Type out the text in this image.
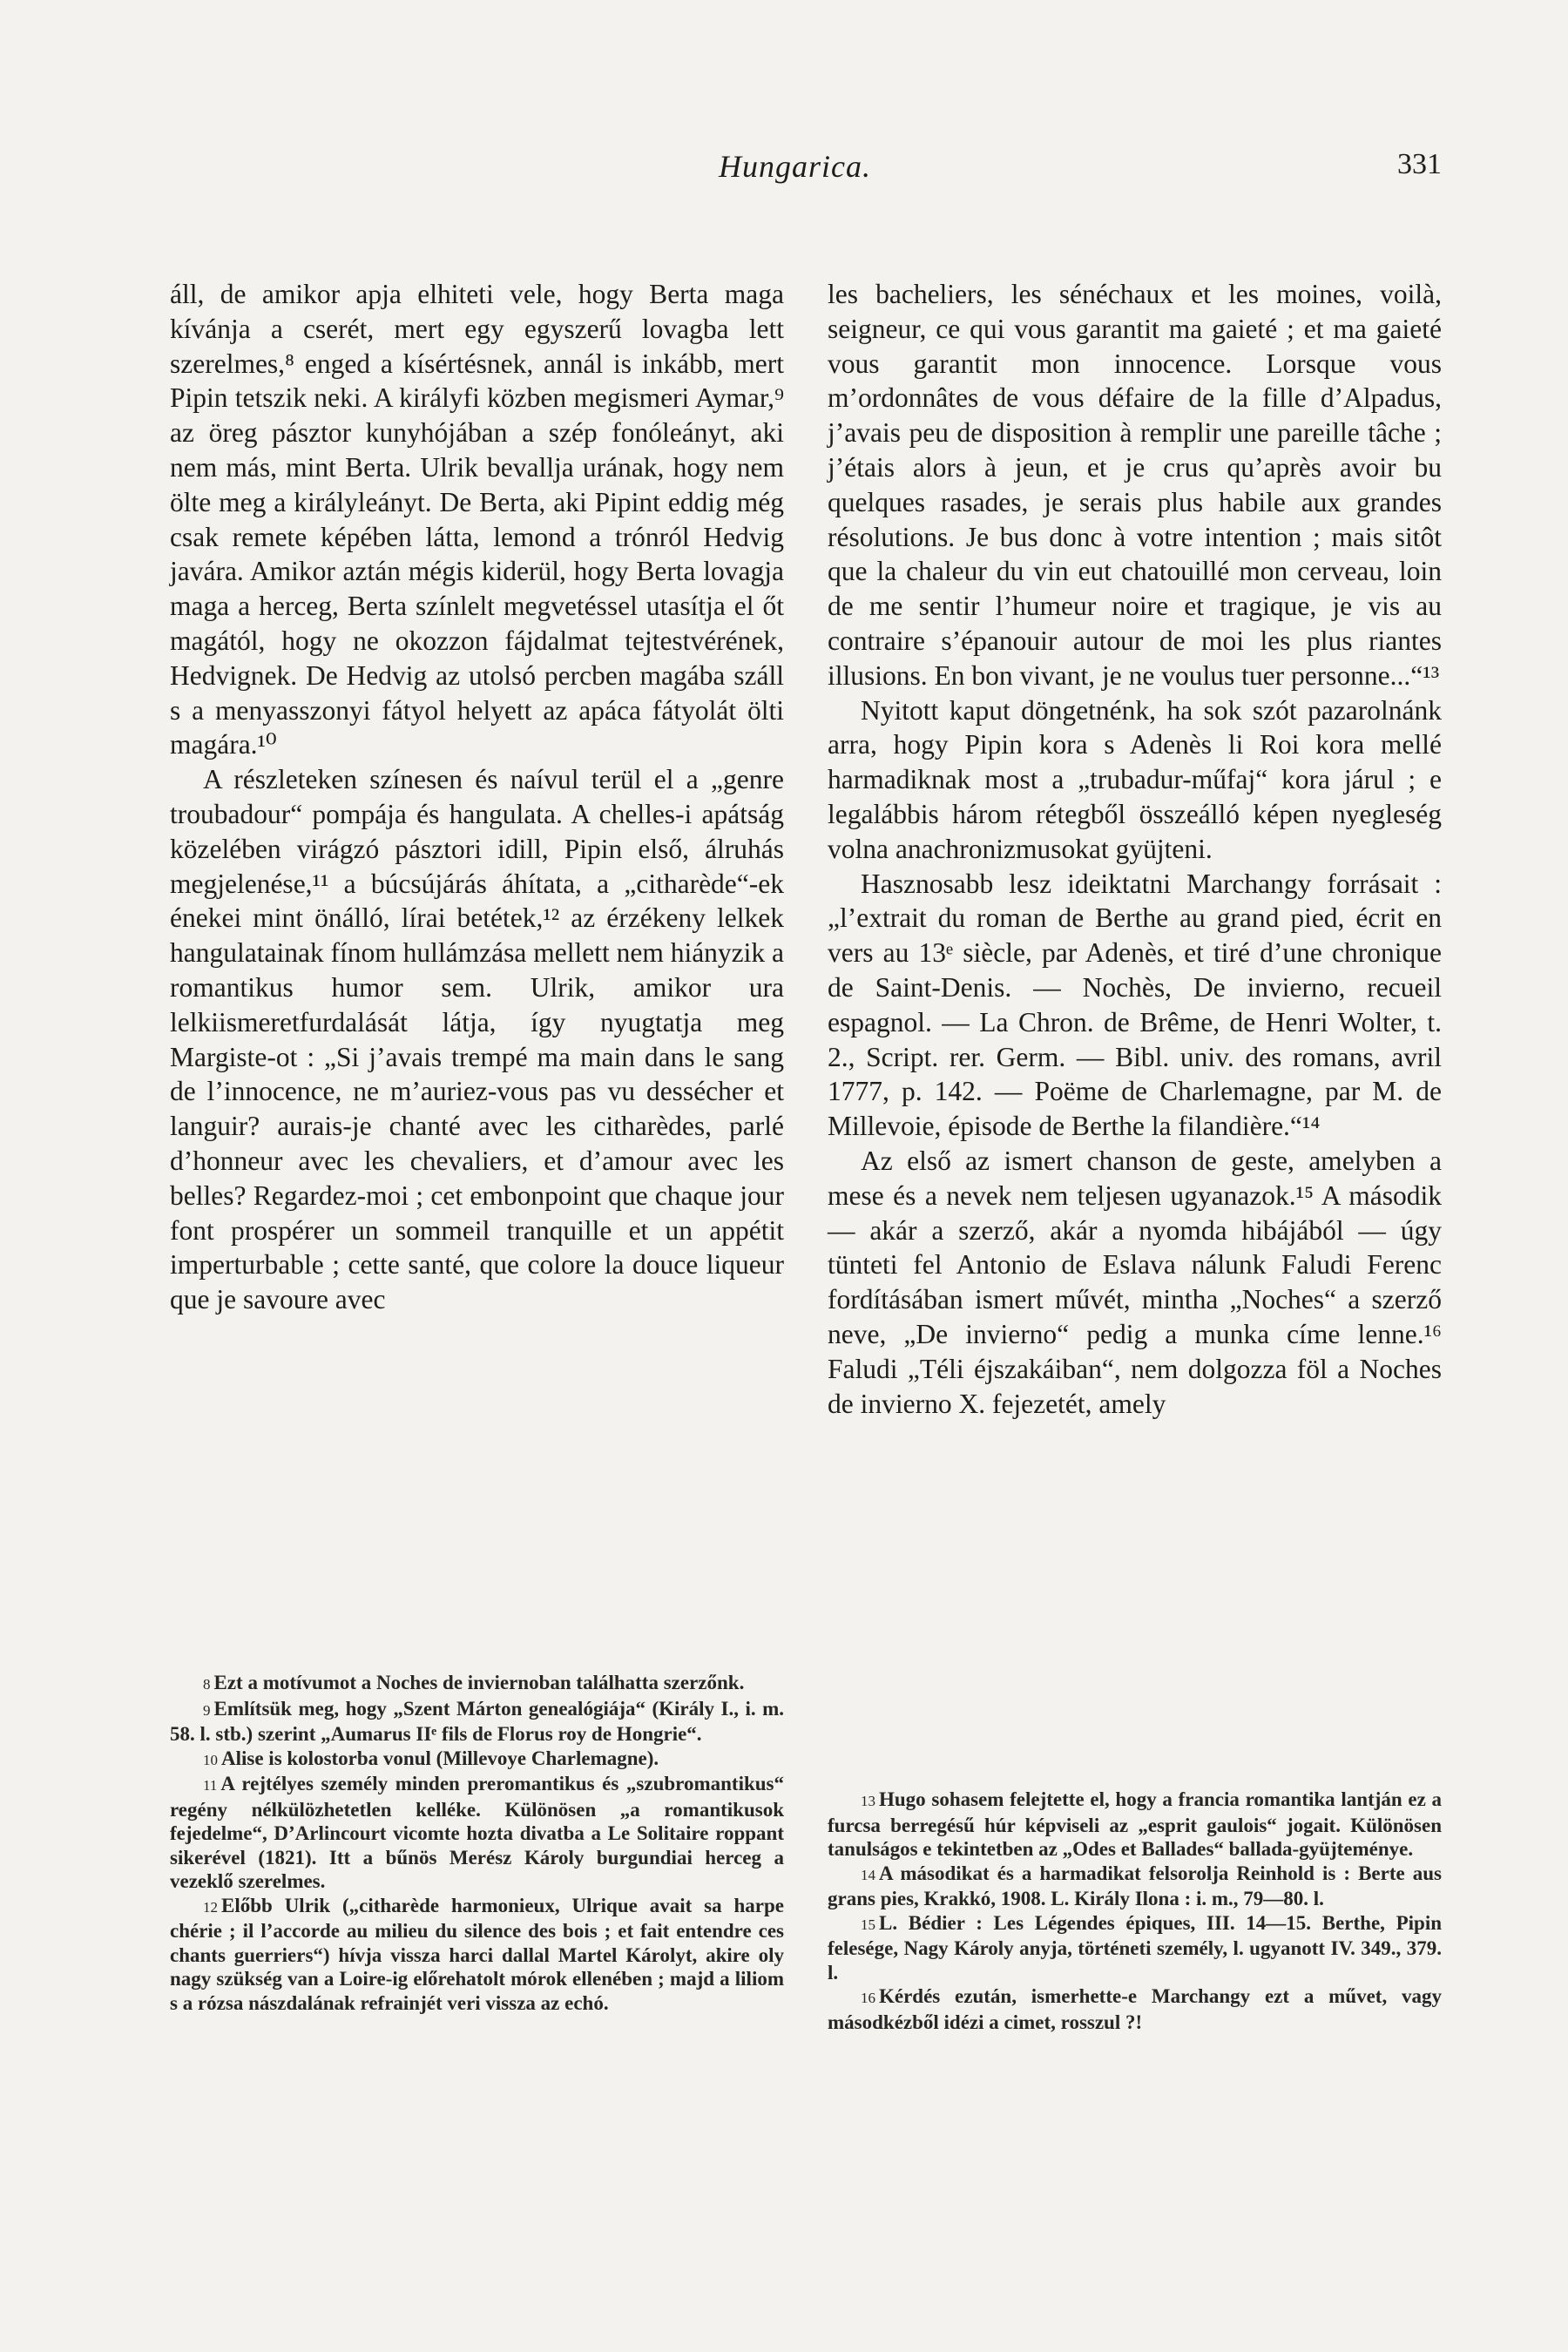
Hungarica.	331

áll, de amikor apja elhiteti vele, hogy Berta maga kívánja a cserét, mert egy egyszerű lovagba lett szerelmes,⁸ enged a kísértésnek, annál is inkább, mert Pipin tetszik neki. A királyfi közben megismeri Aymar,⁹ az öreg pásztor kunyhójában a szép fonóleányt, aki nem más, mint Berta. Ulrik bevallja urának, hogy nem ölte meg a királyleányt. De Berta, aki Pipint eddig még csak remete képében látta, lemond a trónról Hedvig javára. Amikor aztán mégis kiderül, hogy Berta lovagja maga a herceg, Berta színlelt megvetéssel utasítja el őt magától, hogy ne okozzon fájdalmat tejtestvérének, Hedvignek. De Hedvig az utolsó percben magába száll s a menyasszonyi fátyol helyett az apáca fátyolát ölti magára.¹⁰

A részleteken színesen és naívul terül el a „genre troubadour“ pompája és hangulata. A chelles-i apátság közelében virágzó pásztori idill, Pipin első, álruhás megjelenése,¹¹ a búcsújárás áhítata, a „citharède“-ek énekei mint önálló, lírai betétek,¹² az érzékeny lelkek hangulatainak fínom hullámzása mellett nem hiányzik a romantikus humor sem. Ulrik, amikor ura lelkiismeretfurdalását látja, így nyugtatja meg Margiste-ot : „Si j’avais trempé ma main dans le sang de l’innocence, ne m’auriez-vous pas vu dessécher et languir? aurais-je chanté avec les citharèdes, parlé d’honneur avec les chevaliers, et d’amour avec les belles? Regardez-moi ; cet embonpoint que chaque jour font prospérer un sommeil tranquille et un appétit imperturbable ; cette santé, que colore la douce liqueur que je savoure avec

les bacheliers, les sénéchaux et les moines, voilà, seigneur, ce qui vous garantit ma gaieté ; et ma gaieté vous garantit mon innocence. Lorsque vous m’ordonnâtes de vous défaire de la fille d’Alpadus, j’avais peu de disposition à remplir une pareille tâche ; j’étais alors à jeun, et je crus qu’après avoir bu quelques rasades, je serais plus habile aux grandes résolutions. Je bus donc à votre intention ; mais sitôt que la chaleur du vin eut chatouillé mon cerveau, loin de me sentir l’humeur noire et tragique, je vis au contraire s’épanouir autour de moi les plus riantes illusions. En bon vivant, je ne voulus tuer personne...“¹³

Nyitott kaput döngetnénk, ha sok szót pazarolnánk arra, hogy Pipin kora s Adenès li Roi kora mellé harmadiknak most a „trubadur-műfaj“ kora járul ; e legalábbis három rétegből összeálló képen nyegleség volna anachronizmusokat gyüjteni.

Hasznosabb lesz ideiktatni Marchangy forrásait : „l’extrait du roman de Berthe au grand pied, écrit en vers au 13ᵉ siècle, par Adenès, et tiré d’une chronique de Saint-Denis. — Nochès, De invierno, recueil espagnol. — La Chron. de Brême, de Henri Wolter, t. 2., Script. rer. Germ. — Bibl. univ. des romans, avril 1777, p. 142. — Poëme de Charlemagne, par M. de Millevoie, épisode de Berthe la filandière.“¹⁴

Az első az ismert chanson de geste, amelyben a mese és a nevek nem teljesen ugyanazok.¹⁵ A második — akár a szerző, akár a nyomda hibájából — úgy tünteti fel Antonio de Eslava nálunk Faludi Ferenc fordításában ismert művét, mintha „Noches“ a szerző neve, „De invierno“ pedig a munka címe lenne.¹⁶ Faludi „Téli éjszakáiban“, nem dolgozza föl a Noches de invierno X. fejezetét, amely

8 Ezt a motívumot a Noches de inviernoban találhatta szerzőnk.

9 Említsük meg, hogy „Szent Márton genealógiája“ (Király I., i. m. 58. l. stb.) szerint „Aumarus IIᵉ fils de Florus roy de Hongrie“.

10 Alise is kolostorba vonul (Millevoye Charlemagne).

11 A rejtélyes személy minden preromantikus és „szubromantikus“ regény nélkülözhetetlen kelléke. Különösen „a romantikusok fejedelme“, D’Arlincourt vicomte hozta divatba a Le Solitaire roppant sikerével (1821). Itt a bűnös Merész Károly burgundiai herceg a vezeklő szerelmes.

12 Előbb Ulrik („citharède harmonieux, Ulrique avait sa harpe chérie ; il l’accorde au milieu du silence des bois ; et fait entendre ces chants guerriers“) hívja vissza harci dallal Martel Károlyt, akire oly nagy szükség van a Loire-ig előrehatolt mórok ellenében ; majd a liliom s a rózsa nászdalának refrainjét veri vissza az echó.

13 Hugo sohasem felejtette el, hogy a francia romantika lantján ez a furcsa berregésű húr képviseli az „esprit gaulois“ jogait. Különösen tanulságos e tekintetben az „Odes et Ballades“ ballada-gyüjteménye.

14 A másodikat és a harmadikat felsorolja Reinhold is : Berte aus grans pies, Krakkó, 1908. L. Király Ilona : i. m., 79—80. l.

15 L. Bédier : Les Légendes épiques, III. 14—15. Berthe, Pipin felesége, Nagy Károly anyja, történeti személy, l. ugyanott IV. 349., 379. l.

16 Kérdés ezután, ismerhette-e Marchangy ezt a művet, vagy másodkézből idézi a cimet, rosszul ?!
